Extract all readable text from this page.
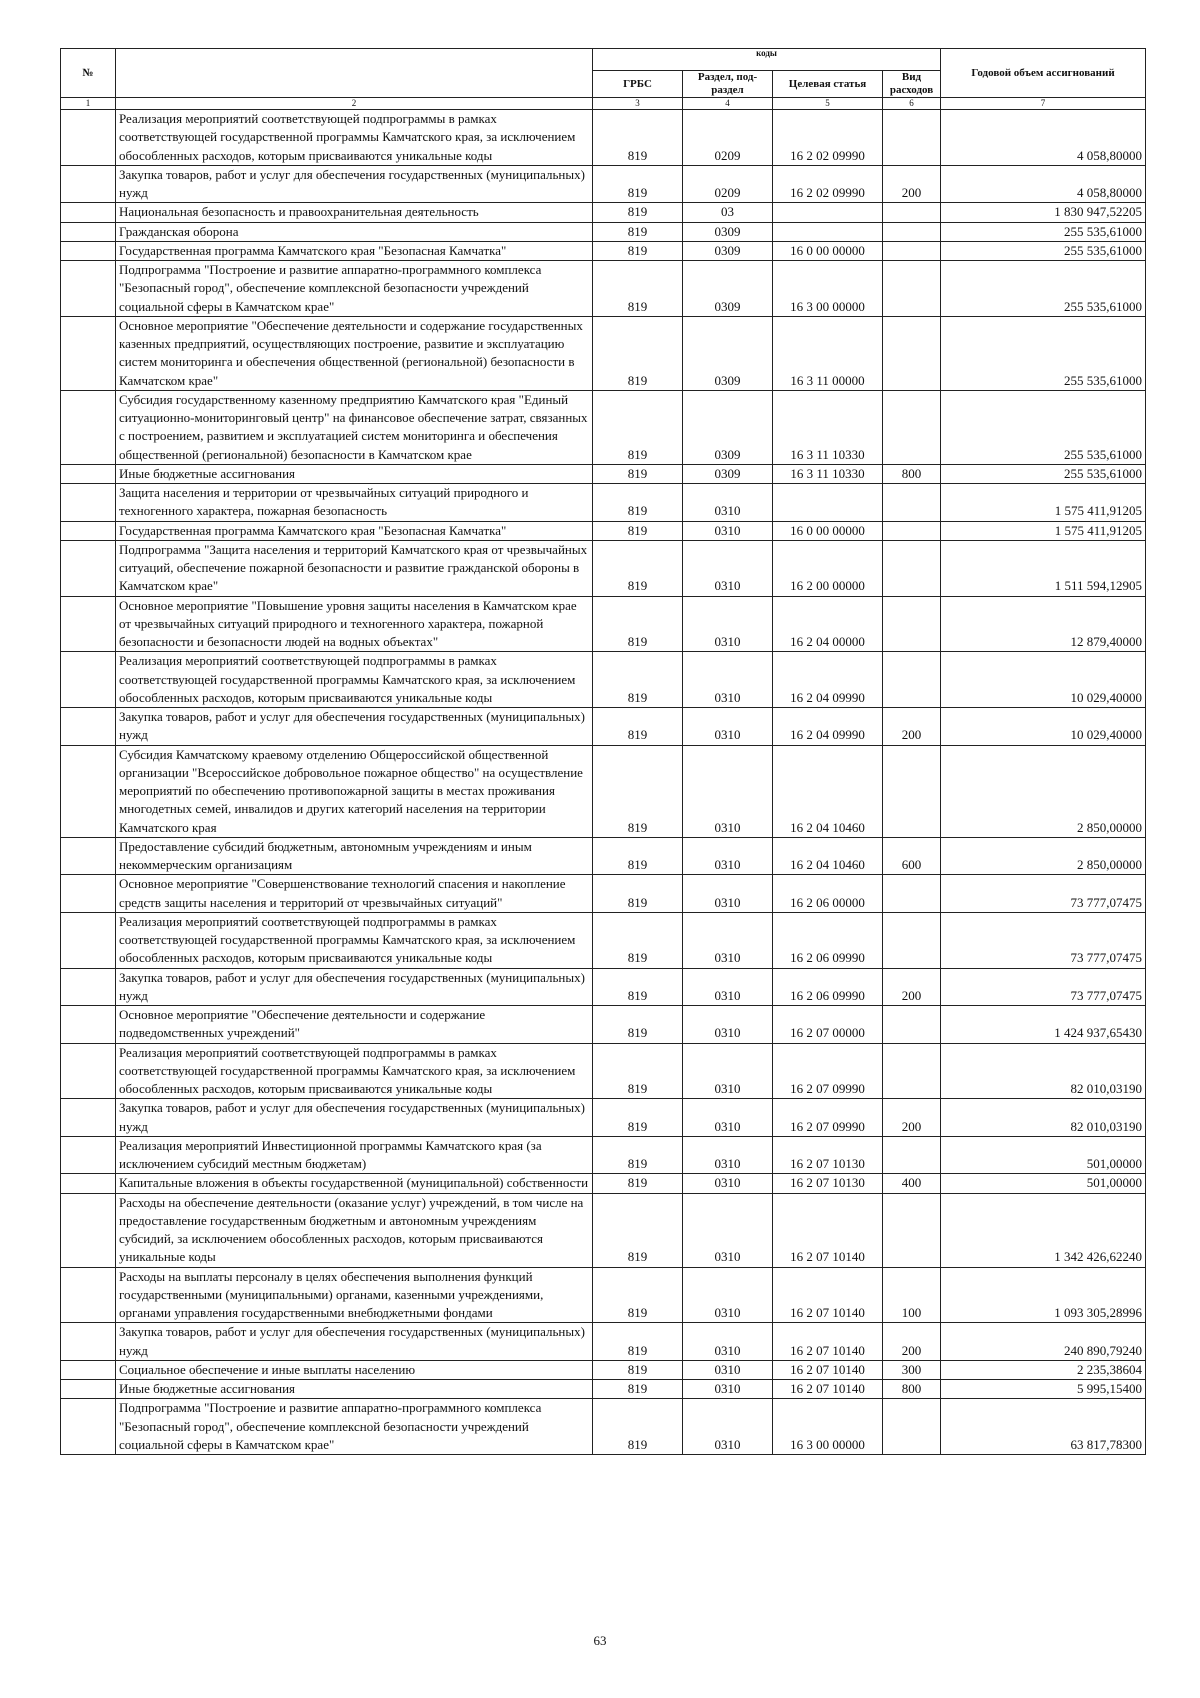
№		коды				Годовой объем ассигнований
		ГРБС	Раздел, под-раздел	Целевая статья	Вид расходов	
1	2	3	4	5	6	7
	Реализация мероприятий соответствующей подпрограммы в рамках соответствующей государственной программы Камчатского края, за исключением обособленных расходов, которым присваиваются уникальные коды	819	0209	16 2 02 09990		4 058,80000
	Закупка товаров, работ и услуг для обеспечения государственных (муниципальных) нужд	819	0209	16 2 02 09990	200	4 058,80000
	Национальная безопасность и правоохранительная деятельность	819	03			1 830 947,52205
	Гражданская оборона	819	0309			255 535,61000
	Государственная программа Камчатского края "Безопасная Камчатка"	819	0309	16 0 00 00000		255 535,61000
	Подпрограмма "Построение и развитие аппаратно-программного комплекса "Безопасный город", обеспечение комплексной безопасности учреждений социальной сферы в Камчатском крае"	819	0309	16 3 00 00000		255 535,61000
	Основное мероприятие "Обеспечение деятельности и содержание государственных казенных предприятий, осуществляющих построение, развитие и эксплуатацию систем мониторинга и обеспечения общественной (региональной) безопасности в Камчатском крае"	819	0309	16 3 11 00000		255 535,61000
	Субсидия государственному казенному предприятию Камчатского края "Единый ситуационно-мониторинговый центр" на финансовое обеспечение затрат, связанных с построением, развитием и эксплуатацией систем мониторинга и обеспечения общественной (региональной) безопасности в Камчатском крае	819	0309	16 3 11 10330		255 535,61000
	Иные бюджетные ассигнования	819	0309	16 3 11 10330	800	255 535,61000
	Защита населения и территории от чрезвычайных ситуаций природного и техногенного характера, пожарная безопасность	819	0310			1 575 411,91205
	Государственная программа Камчатского края "Безопасная Камчатка"	819	0310	16 0 00 00000		1 575 411,91205
	Подпрограмма "Защита населения и территорий Камчатского края от чрезвычайных ситуаций, обеспечение пожарной безопасности и развитие гражданской обороны в Камчатском крае"	819	0310	16 2 00 00000		1 511 594,12905
	Основное мероприятие "Повышение уровня защиты населения в Камчатском крае от чрезвычайных ситуаций природного и техногенного характера, пожарной безопасности и безопасности людей на водных объектах"	819	0310	16 2 04 00000		12 879,40000
	Реализация мероприятий соответствующей подпрограммы в рамках соответствующей государственной программы Камчатского края, за исключением обособленных расходов, которым присваиваются уникальные коды	819	0310	16 2 04 09990		10 029,40000
	Закупка товаров, работ и услуг для обеспечения государственных (муниципальных) нужд	819	0310	16 2 04 09990	200	10 029,40000
	Субсидия Камчатскому краевому отделению Общероссийской общественной организации "Всероссийское добровольное пожарное общество" на осуществление мероприятий по обеспечению противопожарной защиты в местах проживания многодетных семей, инвалидов и других категорий населения на территории Камчатского края	819	0310	16 2 04 10460		2 850,00000
	Предоставление субсидий бюджетным, автономным учреждениям и иным некоммерческим организациям	819	0310	16 2 04 10460	600	2 850,00000
	Основное мероприятие "Совершенствование технологий спасения и накопление средств защиты населения и территорий от чрезвычайных ситуаций"	819	0310	16 2 06 00000		73 777,07475
	Реализация мероприятий соответствующей подпрограммы в рамках соответствующей государственной программы Камчатского края, за исключением обособленных расходов, которым присваиваются уникальные коды	819	0310	16 2 06 09990		73 777,07475
	Закупка товаров, работ и услуг для обеспечения государственных (муниципальных) нужд	819	0310	16 2 06 09990	200	73 777,07475
	Основное мероприятие "Обеспечение деятельности и содержание подведомственных учреждений"	819	0310	16 2 07 00000		1 424 937,65430
	Реализация мероприятий соответствующей подпрограммы в рамках соответствующей государственной программы Камчатского края, за исключением обособленных расходов, которым присваиваются уникальные коды	819	0310	16 2 07 09990		82 010,03190
	Закупка товаров, работ и услуг для обеспечения государственных (муниципальных) нужд	819	0310	16 2 07 09990	200	82 010,03190
	Реализация мероприятий Инвестиционной программы Камчатского края (за исключением субсидий местным бюджетам)	819	0310	16 2 07 10130		501,00000
	Капитальные вложения в объекты государственной (муниципальной) собственности	819	0310	16 2 07 10130	400	501,00000
	Расходы на обеспечение деятельности (оказание услуг) учреждений, в том числе на предоставление государственным бюджетным и автономным учреждениям субсидий, за исключением обособленных расходов, которым присваиваются уникальные коды	819	0310	16 2 07 10140		1 342 426,62240
	Расходы на выплаты персоналу в целях обеспечения выполнения функций государственными (муниципальными) органами, казенными учреждениями, органами управления государственными внебюджетными фондами	819	0310	16 2 07 10140	100	1 093 305,28996
	Закупка товаров, работ и услуг для обеспечения государственных (муниципальных) нужд	819	0310	16 2 07 10140	200	240 890,79240
	Социальное обеспечение и иные выплаты населению	819	0310	16 2 07 10140	300	2 235,38604
	Иные бюджетные ассигнования	819	0310	16 2 07 10140	800	5 995,15400
	Подпрограмма "Построение и развитие аппаратно-программного комплекса "Безопасный город", обеспечение комплексной безопасности учреждений социальной сферы в Камчатском крае"	819	0310	16 3 00 00000		63 817,78300
63
